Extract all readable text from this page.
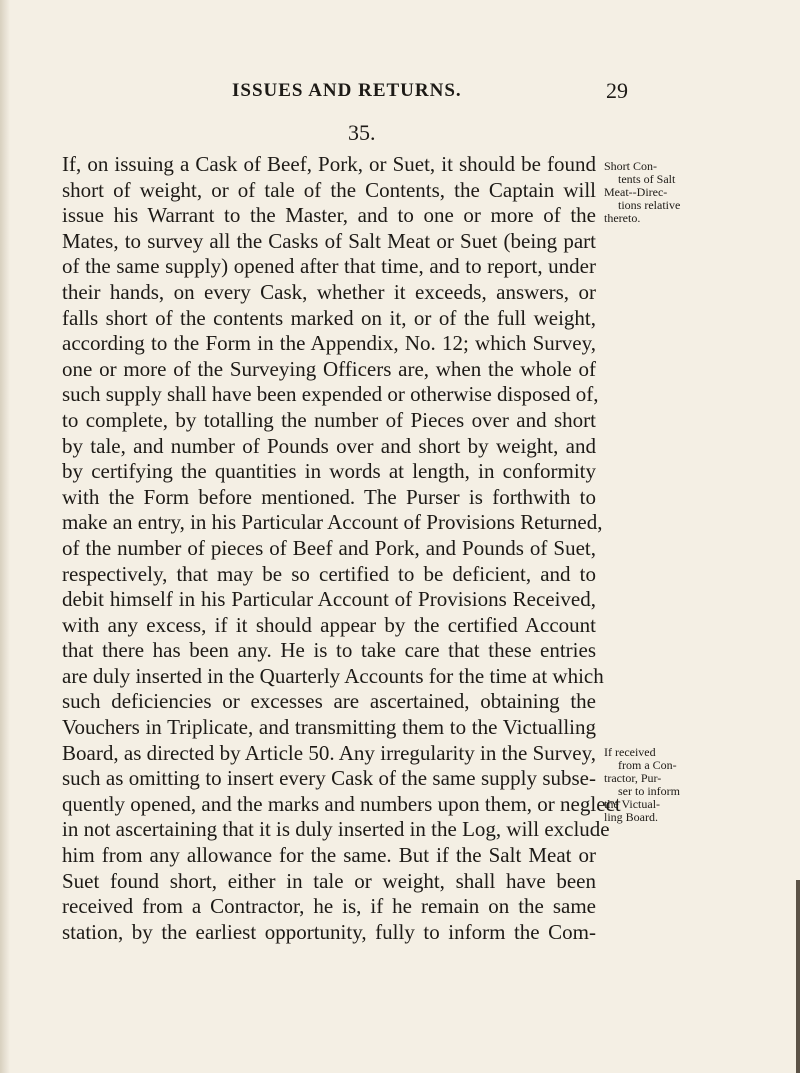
ISSUES AND RETURNS.	29
35.

If, on issuing a Cask of Beef, Pork, or Suet, it should be found
short of weight, or of tale of the Contents, the Captain will
issue his Warrant to the Master, and to one or more of the
Mates, to survey all the Casks of Salt Meat or Suet (being part
of the same supply) opened after that time, and to report, under
their hands, on every Cask, whether it exceeds, answers, or
falls short of the contents marked on it, or of the full weight,
according to the Form in the Appendix, No. 12; which Survey,
one or more of the Surveying Officers are, when the whole of
such supply shall have been expended or otherwise disposed of,
to complete, by totalling the number of Pieces over and short
by tale, and number of Pounds over and short by weight, and
by certifying the quantities in words at length, in conformity
with the Form before mentioned. The Purser is forthwith to
make an entry, in his Particular Account of Provisions Returned,
of the number of pieces of Beef and Pork, and Pounds of Suet,
respectively, that may be so certified to be deficient, and to
debit himself in his Particular Account of Provisions Received,
with any excess, if it should appear by the certified Account
that there has been any. He is to take care that these entries
are duly inserted in the Quarterly Accounts for the time at which
such deficiencies or excesses are ascertained, obtaining the
Vouchers in Triplicate, and transmitting them to the Victualling
Board, as directed by Article 50. Any irregularity in the Survey,
such as omitting to insert every Cask of the same supply subse-
quently opened, and the marks and numbers upon them, or neglect
in not ascertaining that it is duly inserted in the Log, will exclude
him from any allowance for the same. But if the Salt Meat or
Suet found short, either in tale or weight, shall have been
received from a Contractor, he is, if he remain on the same
station, by the earliest opportunity, fully to inform the Com-

Short Con-
tents of Salt
Meat--Direc-
tions relative
thereto.
If received
from a Con-
tractor, Pur-
ser to inform
the Victual-
ling Board.
